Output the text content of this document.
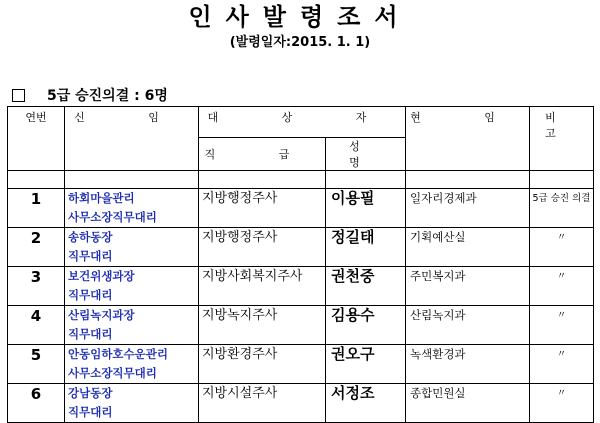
인사발령조서
(발령일자:2015. 1. 1)
5급 승진의결 : 6명
연번	신 임	대 상 자		현 임	비 고
		직 급	성 명		

1	하회마을관리
사무소장직무대리	지방행정주사	이용필	일자리경제과	5급 승진 의결
2	송하동장
직무대리	지방행정주사	정길태	기획예산실	〃
3	보건위생과장
직무대리	지방사회복지주사	권천중	주민복지과	〃
4	산림녹지과장
직무대리	지방녹지주사	김용수	산림녹지과	〃
5	안동임하호수운관리
사무소장직무대리	지방환경주사	권오구	녹색환경과	〃
6	강남동장
직무대리	지방시설주사	서정조	종합민원실	〃
